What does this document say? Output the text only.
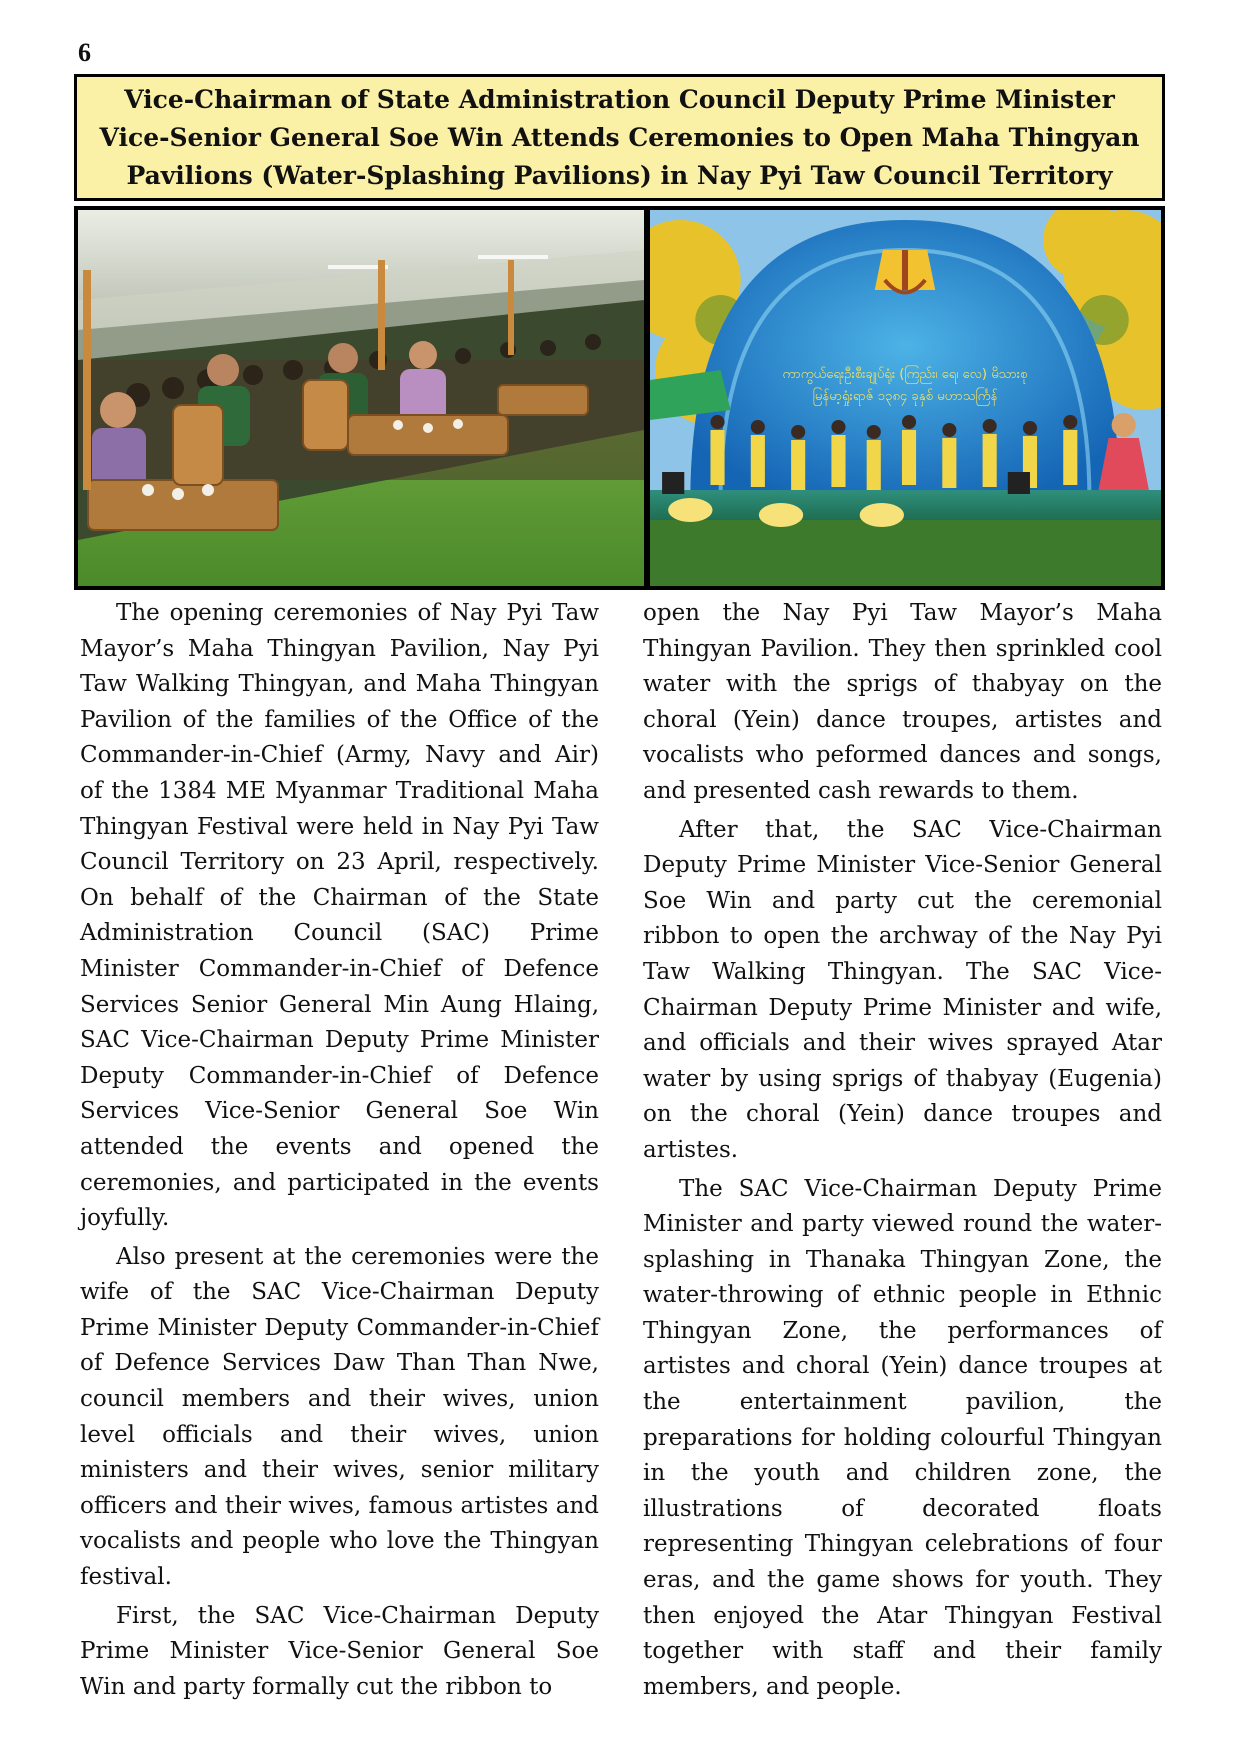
6
Vice-Chairman of State Administration Council Deputy Prime Minister Vice-Senior General Soe Win Attends Ceremonies to Open Maha Thingyan Pavilions (Water-Splashing Pavilions) in Nay Pyi Taw Council Territory
ကာကွယ်ရေးဦးစီးချုပ်ရုံး (ကြည်း၊ ရေ၊ လေ) မိသားစု
မြန်မာ့ရှုံးရာဇ် ၁၃၈၄ ခုနှစ် မဟာသင်္ကြန်

The opening ceremonies of Nay Pyi Taw Mayor’s Maha Thingyan Pavilion, Nay Pyi Taw Walking Thingyan, and Maha Thingyan Pavilion of the families of the Office of the Commander-in-Chief (Army, Navy and Air) of the 1384 ME Myanmar Traditional Maha Thingyan Festival were held in Nay Pyi Taw Council Territory on 23 April, respectively. On behalf of the Chairman of the State Administration Council (SAC) Prime Minister Commander-in-Chief of Defence Services Senior General Min Aung Hlaing, SAC Vice-Chairman Deputy Prime Minister Deputy Commander-in-Chief of Defence Services Vice-Senior General Soe Win attended the events and opened the ceremonies, and participated in the events joyfully.

Also present at the ceremonies were the wife of the SAC Vice-Chairman Deputy Prime Minister Deputy Commander-in-Chief of Defence Services Daw Than Than Nwe, council members and their wives, union level officials and their wives, union ministers and their wives, senior military officers and their wives, famous artistes and vocalists and people who love the Thingyan festival.

First, the SAC Vice-Chairman Deputy Prime Minister Vice-Senior General Soe Win and party formally cut the ribbon to

open the Nay Pyi Taw Mayor’s Maha Thingyan Pavilion. They then sprinkled cool water with the sprigs of thabyay on the choral (Yein) dance troupes, artistes and vocalists who peformed dances and songs, and presented cash rewards to them.

After that, the SAC Vice-Chairman Deputy Prime Minister Vice-Senior General Soe Win and party cut the ceremonial ribbon to open the archway of the Nay Pyi Taw Walking Thingyan. The SAC Vice-Chairman Deputy Prime Minister and wife, and officials and their wives sprayed Atar water by using sprigs of thabyay (Eugenia) on the choral (Yein) dance troupes and artistes.

The SAC Vice-Chairman Deputy Prime Minister and party viewed round the water-splashing in Thanaka Thingyan Zone, the water-throwing of ethnic people in Ethnic Thingyan Zone, the performances of artistes and choral (Yein) dance troupes at the entertainment pavilion, the preparations for holding colourful Thingyan in the youth and children zone, the illustrations of decorated floats representing Thingyan celebrations of four eras, and the game shows for youth. They then enjoyed the Atar Thingyan Festival together with staff and their family members, and people.
